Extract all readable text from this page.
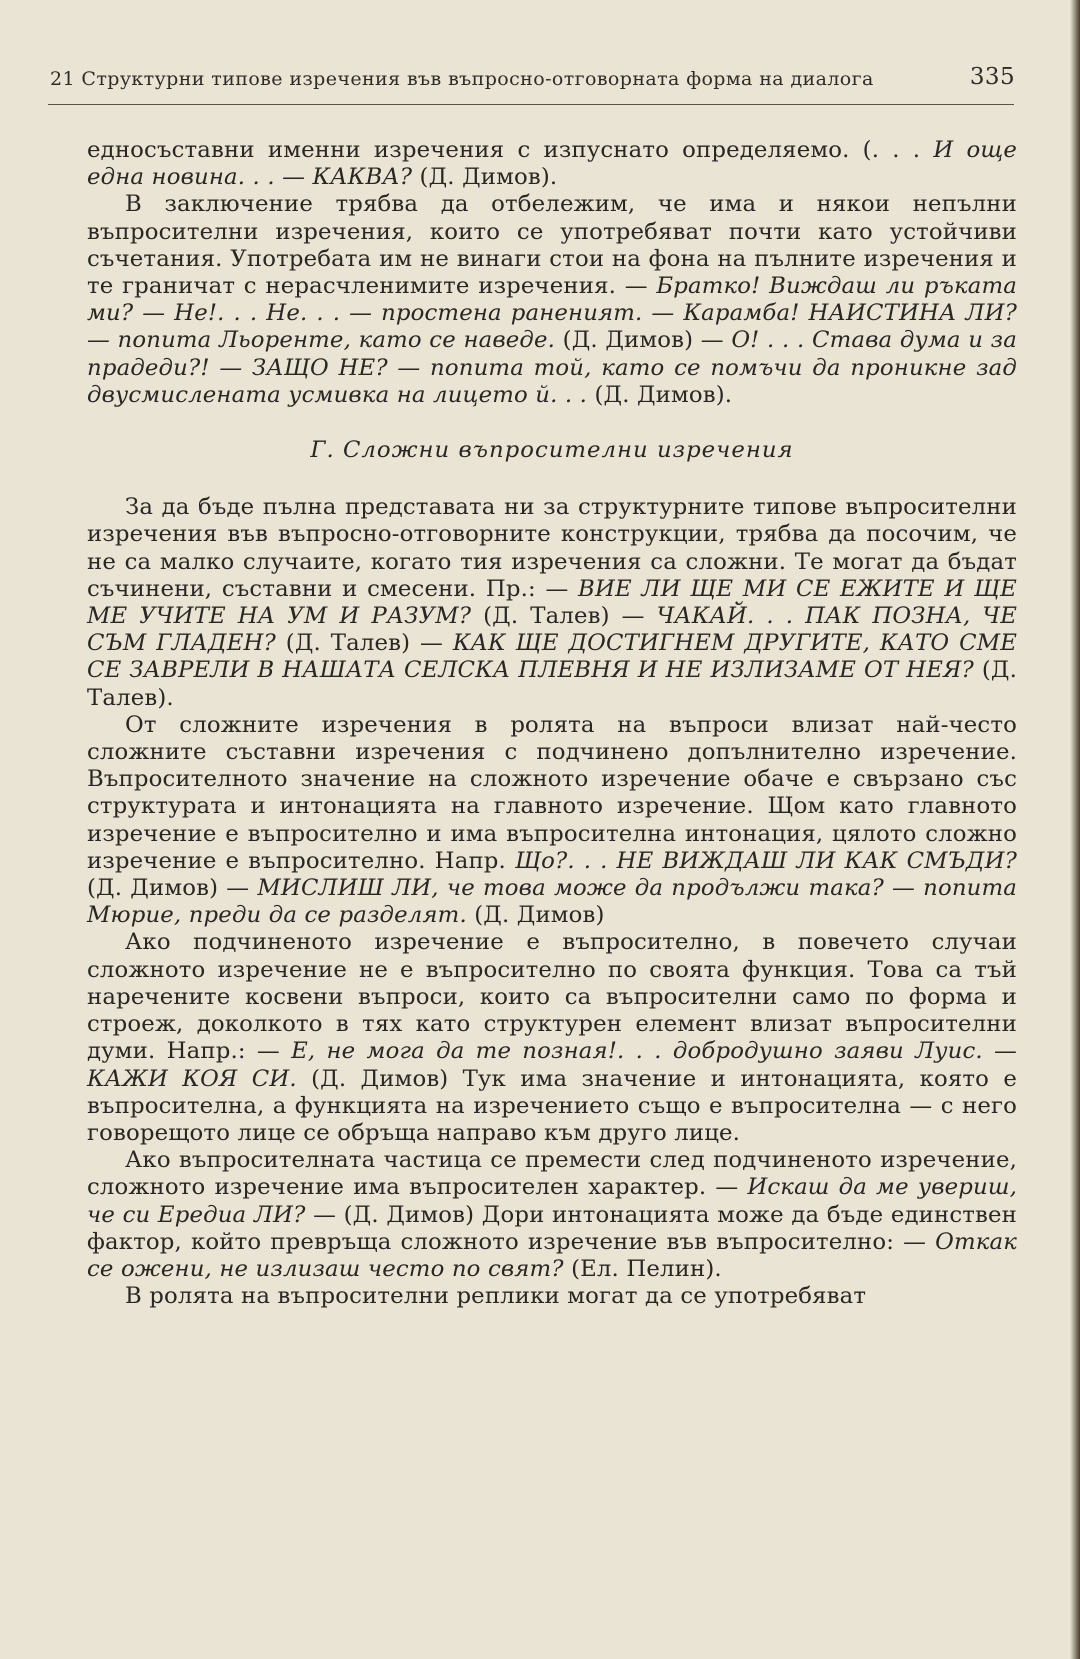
21 Структурни типове изречения във въпросно-отговорната форма на диалога	335

едносъставни именни изречения с изпуснато определяемо. (. . . И още една новина. . . — КАКВА? (Д. Димов).

В заключение трябва да отбележим, че има и някои непълни въпросителни изречения, които се употребяват почти като устойчиви съчетания. Употребата им не винаги стои на фона на пълните изречения и те граничат с нерасчленимите изречения. — Братко! Виждаш ли ръката ми? — Не!. . . Не. . . — простена раненият. — Карамба! НАИСТИНА ЛИ? — попита Льоренте, като се наведе. (Д. Димов) — О! . . . Става дума и за прадеди?! — ЗАЩО НЕ? — попита той, като се помъчи да проникне зад двусмислената усмивка на лицето й. . . (Д. Димов).

Г. Сложни въпросителни изречения

За да бъде пълна представата ни за структурните типове въпросителни изречения във въпросно-отговорните конструкции, трябва да посочим, че не са малко случаите, когато тия изречения са сложни. Те могат да бъдат съчинени, съставни и смесени. Пр.: — ВИЕ ЛИ ЩЕ МИ СЕ ЕЖИТЕ И ЩЕ МЕ УЧИТЕ НА УМ И РАЗУМ? (Д. Талев) — ЧАКАЙ. . . ПАК ПОЗНА, ЧЕ СЪМ ГЛАДЕН? (Д. Талев) — КАК ЩЕ ДОСТИГНЕМ ДРУГИТЕ, КАТО СМЕ СЕ ЗАВРЕЛИ В НАШАТА СЕЛСКА ПЛЕВНЯ И НЕ ИЗЛИЗАМЕ ОТ НЕЯ? (Д. Талев).

От сложните изречения в ролята на въпроси влизат най-често сложните съставни изречения с подчинено допълнително изречение. Въпросителното значение на сложното изречение обаче е свързано със структурата и интонацията на главното изречение. Щом като главното изречение е въпросително и има въпросителна интонация, цялото сложно изречение е въпросително. Напр. Що?. . . НЕ ВИЖДАШ ЛИ КАК СМЪДИ? (Д. Димов) — МИСЛИШ ЛИ, че това може да продължи така? — попита Мюрие, преди да се разделят. (Д. Димов)

Ако подчиненото изречение е въпросително, в повечето случаи сложното изречение не е въпросително по своята функция. Това са тъй наречените косвени въпроси, които са въпросителни само по форма и строеж, доколкото в тях като структурен елемент влизат въпросителни думи. Напр.: — Е, не мога да те позная!. . . добродушно заяви Луис. — КАЖИ КОЯ СИ. (Д. Димов) Тук има значение и интонацията, която е въпросителна, а функцията на изречението също е въпросителна — с него говорещото лице се обръща направо към друго лице.

Ако въпросителната частица се премести след подчиненото изречение, сложното изречение има въпросителен характер. — Искаш да ме увериш, че си Ередиа ЛИ? — (Д. Димов) Дори интонацията може да бъде единствен фактор, който превръща сложното изречение във въпросително: — Откак се ожени, не излизаш често по свят? (Ел. Пелин).

В ролята на въпросителни реплики могат да се употребяват
